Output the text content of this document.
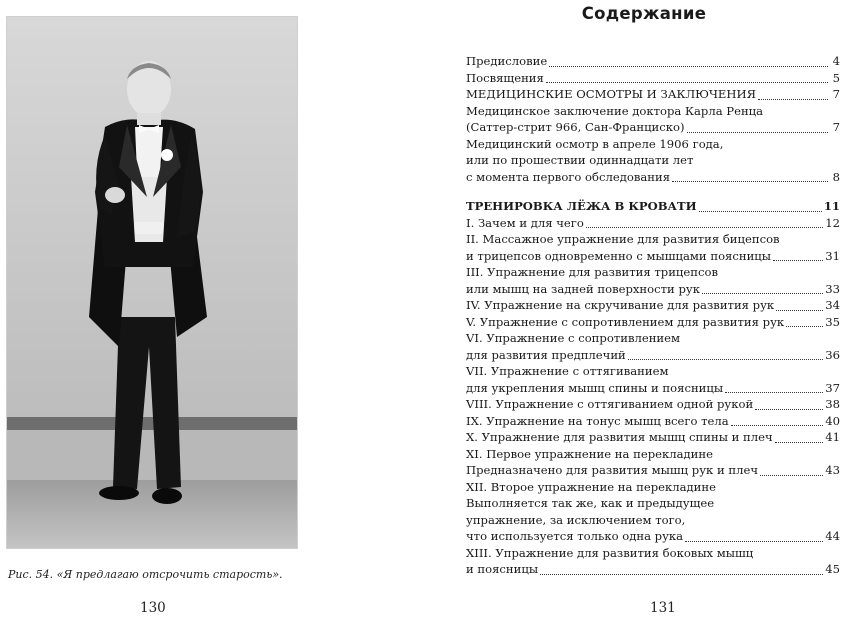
Рис. 54. «Я предлагаю отсрочить старость».
130
Содержание
Предисловие	4
Посвящения	5
МЕДИЦИНСКИЕ ОСМОТРЫ И ЗАКЛЮЧЕНИЯ	7
Медицинское заключение доктора Карла Ренца
(Саттер-стрит 966, Сан-Франциско)	7
Медицинский осмотр в апреле 1906 года,
или по прошествии одиннадцати лет
с момента первого обследования	8
ТРЕНИРОВКА ЛЁЖА В КРОВАТИ	11
I. Зачем и для чего	12
II. Массажное упражнение для развития бицепсов
и трицепсов одновременно с мышцами поясницы	31
III. Упражнение для развития трицепсов
или мышц на задней поверхности рук	33
IV. Упражнение на скручивание для развития рук	34
V. Упражнение с сопротивлением для развития рук	35
VI. Упражнение с сопротивлением
для развития предплечий	36
VII. Упражнение с оттягиванием
для укрепления мышц спины и поясницы	37
VIII. Упражнение с оттягиванием одной рукой	38
IX. Упражнение на тонус мышц всего тела	40
X. Упражнение для развития мышц спины и плеч	41
XI. Первое упражнение на перекладине
Предназначено для развития мышц рук и плеч	43
XII. Второе упражнение на перекладине
Выполняется так же, как и предыдущее
упражнение, за исключением того,
что используется только одна рука	44
XIII. Упражнение для развития боковых мышц
и поясницы	45
131
